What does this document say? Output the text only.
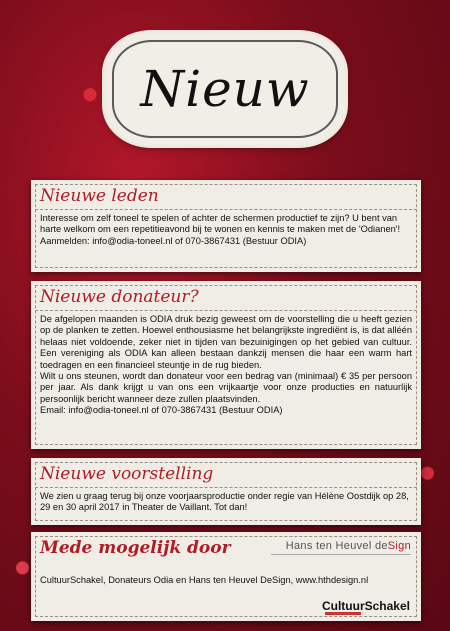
Nieuw
Nieuwe leden

Interesse om zelf toneel te spelen of achter de schermen productief te zijn? U bent van harte welkom om een repetitieavond bij te wonen en kennis te maken met de 'Odianen'!

Aanmelden: info@odia-toneel.nl of 070-3867431 (Bestuur ODIA)

Nieuwe donateur?

De afgelopen maanden is ODIA druk bezig geweest om de voorstelling die u heeft gezien op de planken te zetten. Hoewel enthousiasme het belangrijkste ingrediënt is, is dat alléén helaas niet voldoende, zeker niet in tijden van bezuinigingen op het gebied van cultuur. Een vereniging als ODIA kan alleen bestaan dankzij mensen die haar een warm hart toedragen en een financieel steuntje in de rug bieden.

Wilt u ons steunen, wordt dan donateur voor een bedrag van (minimaal) € 35 per persoon per jaar. Als dank krijgt u van ons een vrijkaartje voor onze producties en natuurlijk persoonlijk bericht wanneer deze zullen plaatsvinden.

Email: info@odia-toneel.nl of 070-3867431 (Bestuur ODIA)

Nieuwe voorstelling

We zien u graag terug bij onze voorjaarsproductie onder regie van Hélène Oostdijk op 28, 29 en 30 april 2017 in Theater de Vaillant. Tot dan!

Mede mogelijk door	Hans ten Heuvel deSign

CultuurSchakel, Donateurs Odia en Hans ten Heuvel DeSign, www.hthdesign.nl

CultuurSchakel
